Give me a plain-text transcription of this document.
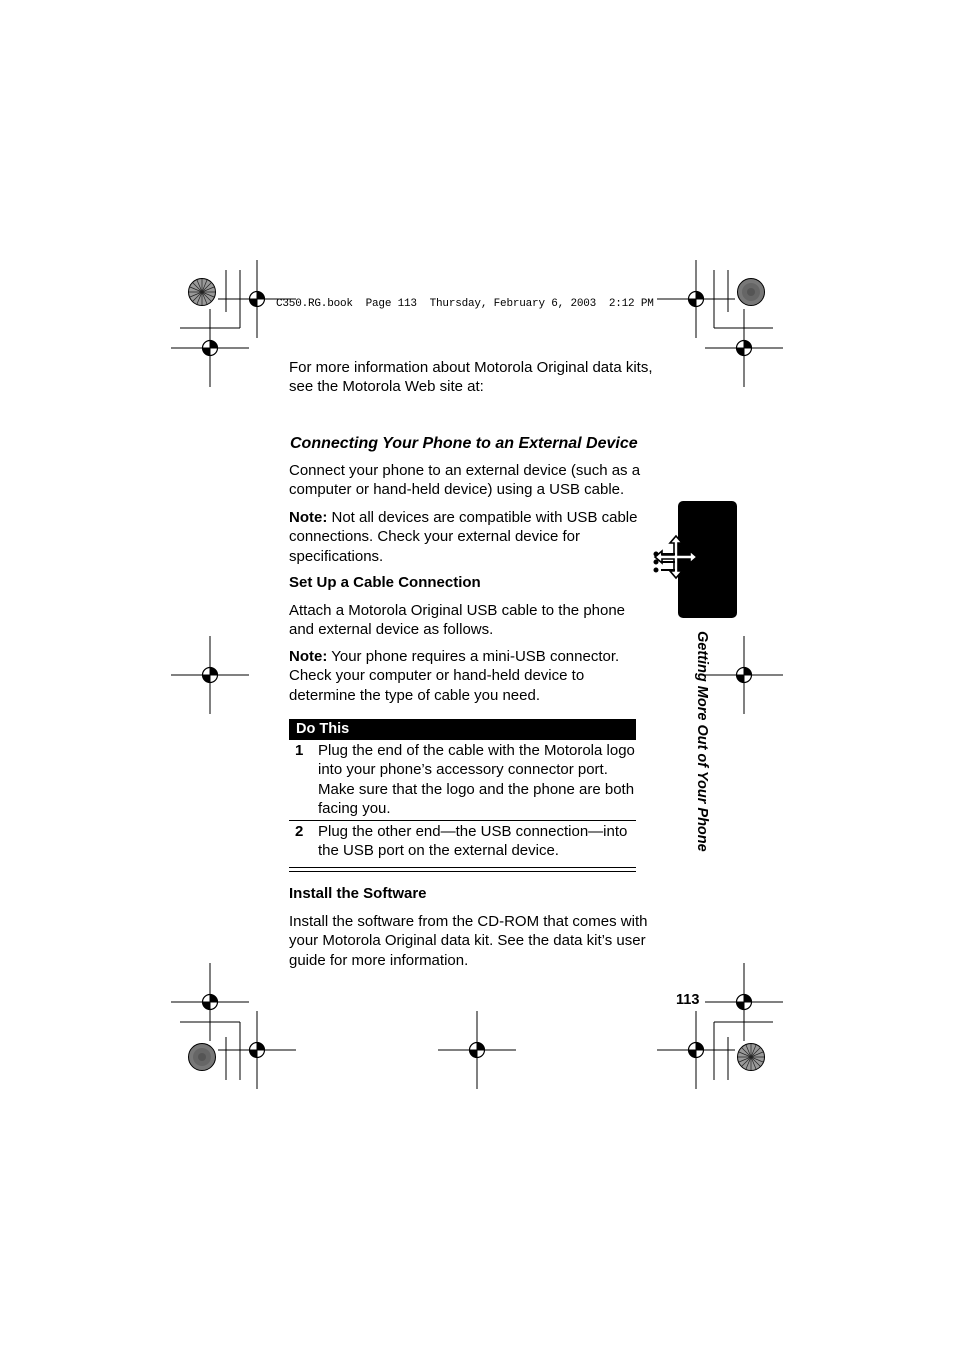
C350.RG.book  Page 113  Thursday, February 6, 2003  2:12 PM
For more information about Motorola Original data kits, see the Motorola Web site at:
Connecting Your Phone to an External Device
Connect your phone to an external device (such as a computer or hand-held device) using a USB cable.
Note: Not all devices are compatible with USB cable connections. Check your external device for specifications.
Set Up a Cable Connection
Attach a Motorola Original USB cable to the phone and external device as follows.
Note: Your phone requires a mini-USB connector. Check your computer or hand-held device to determine the type of cable you need.
Do This
1 Plug the end of the cable with the Motorola logo into your phone’s accessory connector port. Make sure that the logo and the phone are both facing you.
2 Plug the other end—the USB connection—into the USB port on the external device.
Install the Software
Install the software from the CD-ROM that comes with your Motorola Original data kit. See the data kit’s user guide for more information.
Getting More Out of Your Phone
113
